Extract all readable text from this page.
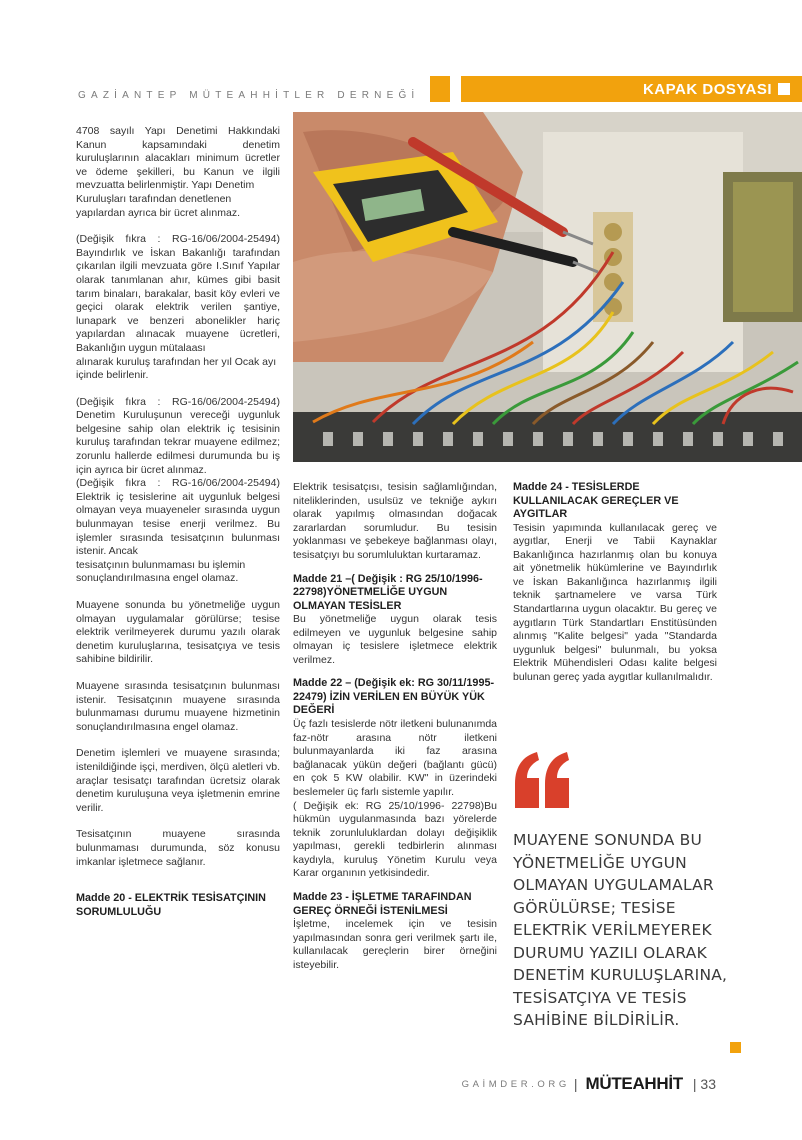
GAZİANTEP MÜTEAHHİTLER DERNEĞİ	KAPAK DOSYASI

4708 sayılı Yapı Denetimi Hakkındaki Kanun kapsamındaki denetim kuruluşlarının alacakları minimum ücretler ve ödeme şekilleri, bu Kanun ve ilgili mevzuatta belirlenmiştir. Yapı Denetim

Kuruluşları tarafından denetlenen yapılardan ayrıca bir ücret alınmaz.

(Değişik fıkra : RG-16/06/2004-25494) Bayındırlık ve İskan Bakanlığı tarafından çıkarılan ilgili mevzuata göre I.Sınıf Yapılar olarak tanımlanan ahır, kümes gibi basit tarım binaları, barakalar, basit köy evleri ve geçici olarak elektrik verilen şantiye, lunapark ve benzeri abonelikler hariç yapılardan alınacak muayene ücretleri, Bakanlığın uygun mütalaası

alınarak kuruluş tarafından her yıl Ocak ayı içinde belirlenir.

(Değişik fıkra : RG-16/06/2004-25494) Denetim Kuruluşunun vereceği uygunluk belgesine sahip olan elektrik iç tesisinin kuruluş tarafından tekrar muayene edilmez; zorunlu hallerde edilmesi durumunda bu iş için ayrıca bir ücret alınmaz.

(Değişik fıkra : RG-16/06/2004-25494) Elektrik iç tesislerine ait uygunluk belgesi olmayan veya muayeneler sırasında uygun bulunmayan tesise enerji verilmez. Bu işlemler sırasında tesisatçının bulunması istenir. Ancak

tesisatçının bulunmaması bu işlemin sonuçlandırılmasına engel olamaz.

Muayene sonunda bu yönetmeliğe uygun olmayan uygulamalar görülürse; tesise elektrik verilmeyerek durumu yazılı olarak denetim kuruluşlarına, tesisatçıya ve tesis sahibine bildirilir.

Muayene sırasında tesisatçının bulunması istenir. Tesisatçının muayene sırasında bulunmaması durumu muayene hizmetinin sonuçlandırılmasına engel olamaz.

Denetim işlemleri ve muayene sırasında; istenildiğinde işçi, merdiven, ölçü aletleri vb. araçlar tesisatçı tarafından ücretsiz olarak denetim kuruluşuna veya işletmenin emrine verilir.

Tesisatçının muayene sırasında bulunmaması durumunda, söz konusu imkanlar işletmece sağlanır.

Madde 20 - ELEKTRİK TESİSATÇININ SORUMLULUĞU

Elektrik tesisatçısı, tesisin sağlamlığından, niteliklerinden, usulsüz ve tekniğe aykırı olarak yapılmış olmasından doğacak zararlardan sorumludur. Bu tesisin yoklanması ve şebekeye bağlanması olayı, tesisatçıyı bu sorumluluktan kurtaramaz.

Madde 21 –( Değişik : RG 25/10/1996-22798)YÖNETMELİĞE UYGUN OLMAYAN TESİSLER

Bu yönetmeliğe uygun olarak tesis edilmeyen ve uygunluk belgesine sahip olmayan iç tesislere işletmece elektrik verilmez.

Madde 22 – (Değişik ek: RG 30/11/1995- 22479) İZİN VERİLEN EN BÜYÜK YÜK DEĞERİ

Üç fazlı tesislerde nötr iletkeni bulunanımda faz-nötr arasına nötr iletkeni bulunmayanlarda iki faz arasına bağlanacak yükün değeri (bağlantı gücü) en çok 5 KW olabilir. KW" in üzerindeki beslemeler üç farlı sistemle yapılır.

( Değişik ek: RG 25/10/1996- 22798)Bu hükmün uygulanmasında bazı yörelerde teknik zorunluluklardan dolayı değişiklik yapılması, gerekli tedbirlerin alınması kaydıyla, kuruluş Yönetim Kurulu veya Karar organının yetkisindedir.

Madde 23 - İŞLETME TARAFINDAN GEREÇ ÖRNEĞİ İSTENİLMESİ

İşletme, incelemek için ve tesisin yapılmasından sonra geri verilmek şartı ile, kullanılacak gereçlerin birer örneğini isteyebilir.

Madde 24 - TESİSLERDE KULLANILACAK GEREÇLER VE AYGITLAR

Tesisin yapımında kullanılacak gereç ve aygıtlar, Enerji ve Tabii Kaynaklar Bakanlığınca hazırlanmış olan bu konuya ait yönetmelik hükümlerine ve Bayındırlık ve İskan Bakanlığınca hazırlanmış ilgili teknik şartnamelere ve varsa Türk Standartlarına uygun olacaktır. Bu gereç ve aygıtların Türk Standartları Enstitüsünden alınmış "Kalite belgesi" yada "Standarda uygunluk belgesi" bulunmalı, bu yoksa Elektrik Mühendisleri Odası kalite belgesi bulunan gereç yada aygıtlar kullanılmalıdır.

MUAYENE SONUNDA BU YÖNETMELİĞE UYGUN OLMAYAN UYGULAMALAR GÖRÜLÜRSE; TESİSE ELEKTRİK VERİLMEYEREK DURUMU YAZILI OLARAK DENETİM KURULUŞLARINA, TESİSATÇIYA VE TESİS SAHİBİNE BİLDİRİLİR.

GAİMDER.ORG | MÜTEAHHİT | 33
